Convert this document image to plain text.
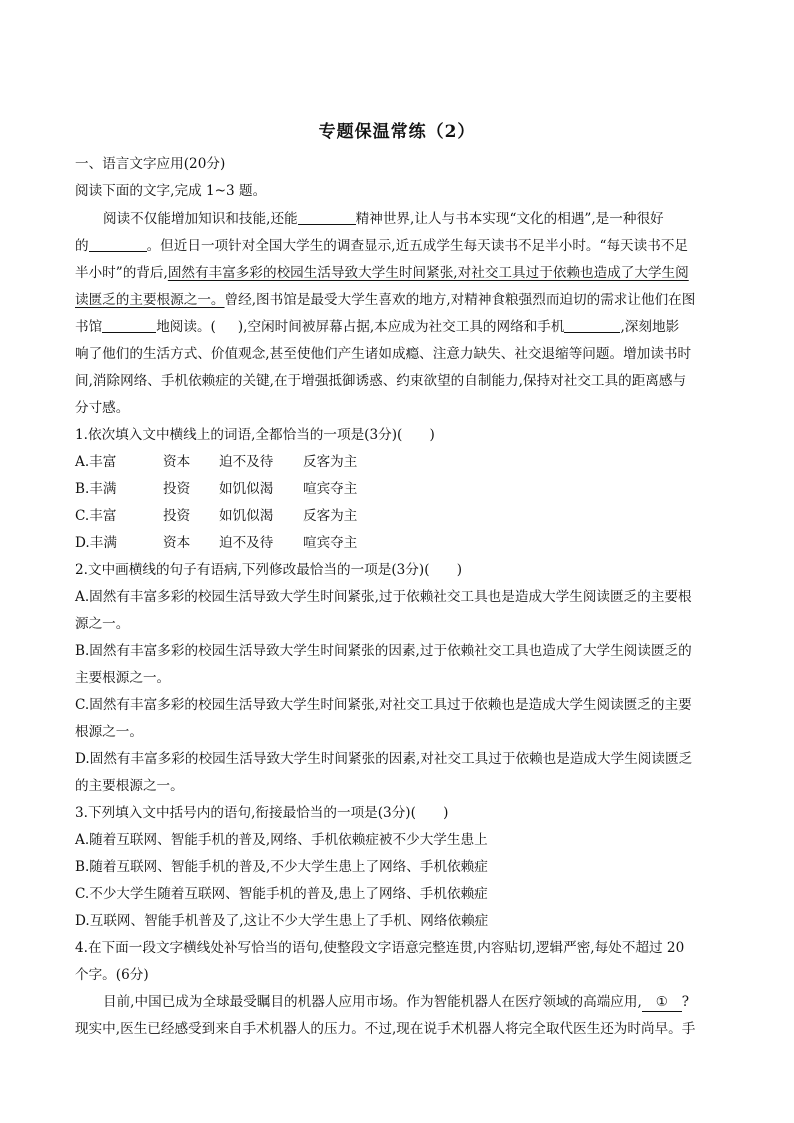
专题保温常练（2）
一、语言文字应用(20分)
阅读下面的文字,完成 1~3 题。
阅读不仅能增加知识和技能,还能	精神世界,让人与书本实现“文化的相遇”,是一种很好
的	。但近日一项针对全国大学生的调查显示,近五成学生每天读书不足半小时。“每天读书不足
半小时”的背后,固然有丰富多彩的校园生活导致大学生时间紧张,对社交工具过于依赖也造成了大学生阅
读匮乏的主要根源之一。曾经,图书馆是最受大学生喜欢的地方,对精神食粮强烈而迫切的需求让他们在图
书馆	地阅读。( ),空闲时间被屏幕占据,本应成为社交工具的网络和手机	,深刻地影
响了他们的生活方式、价值观念,甚至使他们产生诸如成瘾、注意力缺失、社交退缩等问题。增加读书时
间,消除网络、手机依赖症的关键,在于增强抵御诱惑、约束欲望的自制能力,保持对社交工具的距离感与
分寸感。
1.依次填入文中横线上的词语,全都恰当的一项是(3分)(　　)
A.丰富	资本 迫不及待 反客为主
B.丰满	投资 如饥似渴 喧宾夺主
C.丰富	投资 如饥似渴 反客为主
D.丰满	资本 迫不及待 喧宾夺主
2.文中画横线的句子有语病,下列修改最恰当的一项是(3分)(　　)
A.固然有丰富多彩的校园生活导致大学生时间紧张,过于依赖社交工具也是造成大学生阅读匮乏的主要根
源之一。
B.固然有丰富多彩的校园生活导致大学生时间紧张的因素,过于依赖社交工具也造成了大学生阅读匮乏的
主要根源之一。
C.固然有丰富多彩的校园生活导致大学生时间紧张,对社交工具过于依赖也是造成大学生阅读匮乏的主要
根源之一。
D.固然有丰富多彩的校园生活导致大学生时间紧张的因素,对社交工具过于依赖也是造成大学生阅读匮乏
的主要根源之一。
3.下列填入文中括号内的语句,衔接最恰当的一项是(3分)(　　)
A.随着互联网、智能手机的普及,网络、手机依赖症被不少大学生患上
B.随着互联网、智能手机的普及,不少大学生患上了网络、手机依赖症
C.不少大学生随着互联网、智能手机的普及,患上了网络、手机依赖症
D.互联网、智能手机普及了,这让不少大学生患上了手机、网络依赖症
4.在下面一段文字横线处补写恰当的语句,使整段文字语意完整连贯,内容贴切,逻辑严密,每处不超过 20
个字。(6分)
目前,中国已成为全球最受瞩目的机器人应用市场。作为智能机器人在医疗领域的高端应用, ① ?
现实中,医生已经感受到来自手术机器人的压力。不过,现在说手术机器人将完全取代医生还为时尚早。手
